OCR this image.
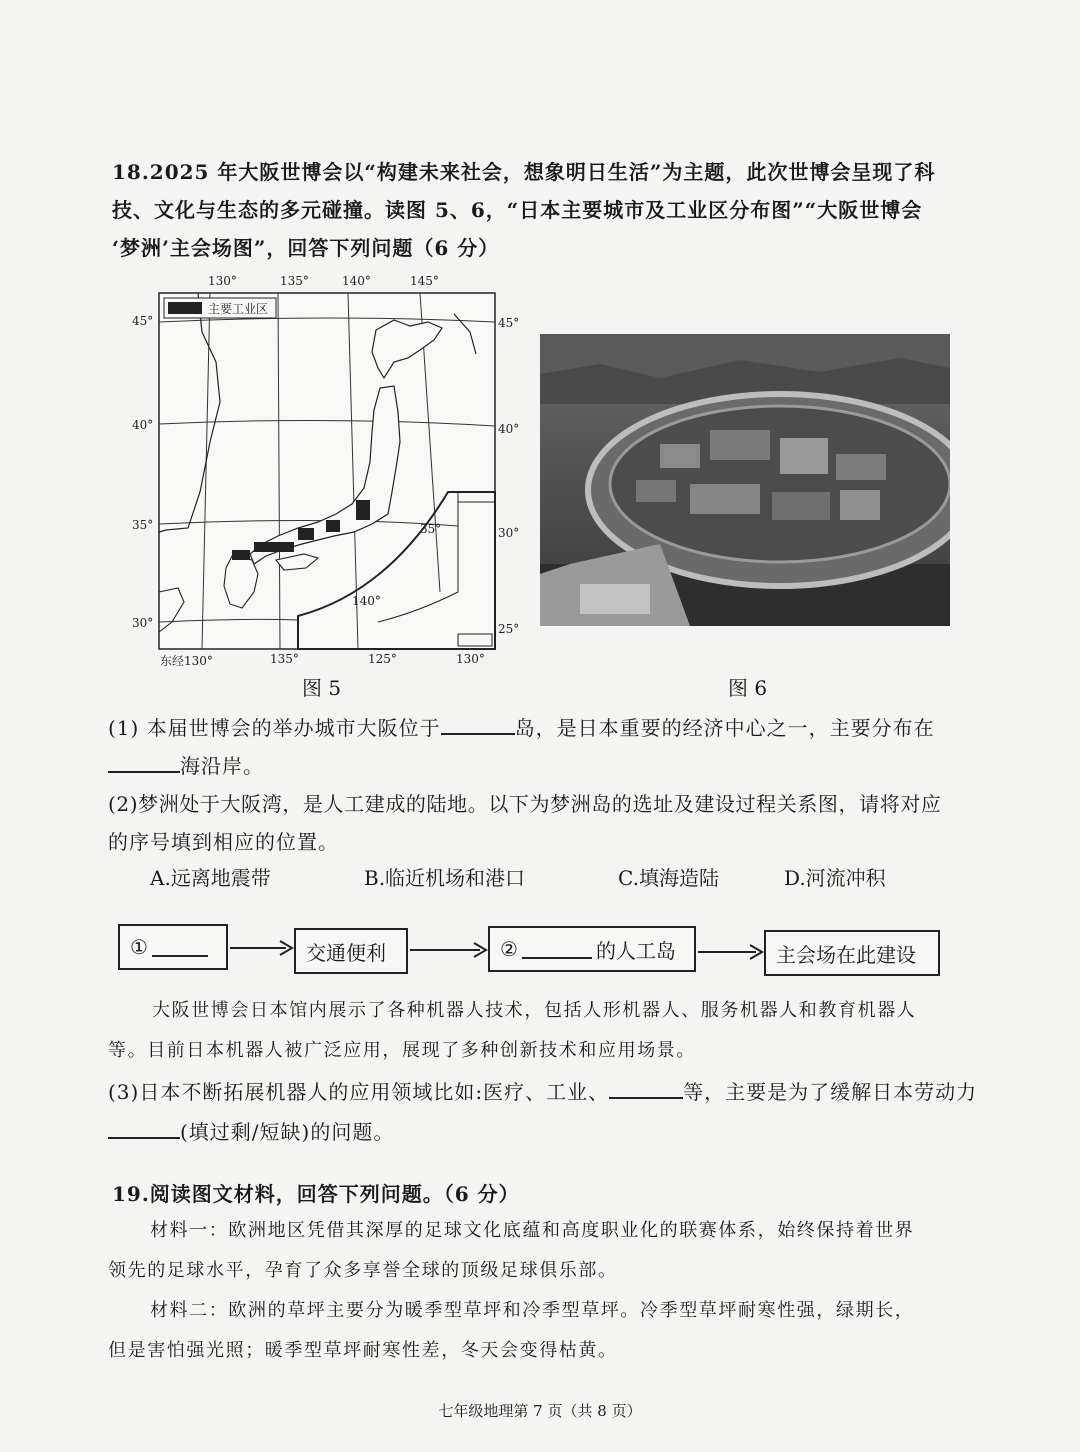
18.2025 年大阪世博会以“构建未来社会，想象明日生活”为主题，此次世博会呈现了科
技、文化与生态的多元碰撞。读图 5、6，“日本主要城市及工业区分布图”“大阪世博会
‘梦洲’主会场图”，回答下列问题（6 分）
130°	135°	140°	145°
45°
40°
35°
30°
45°
40°
30°
25°
东经130°	135°	125°	130°
主要工业区
35°
140°
图 5	图 6
(1) 本届世博会的举办城市大阪位于	岛，是日本重要的经济中心之一，主要分布在
海沿岸。
(2)梦洲处于大阪湾，是人工建成的陆地。以下为梦洲岛的选址及建设过程关系图，请将对应
的序号填到相应的位置。
A.远离地震带	B.临近机场和港口	C.填海造陆	D.河流冲积
①	交通便利	②	的人工岛	主会场在此建设
大阪世博会日本馆内展示了各种机器人技术，包括人形机器人、服务机器人和教育机器人
等。目前日本机器人被广泛应用，展现了多种创新技术和应用场景。
(3)日本不断拓展机器人的应用领域比如:医疗、工业、	等，主要是为了缓解日本劳动力
(填过剩/短缺)的问题。
19.阅读图文材料，回答下列问题。（6 分）
材料一：欧洲地区凭借其深厚的足球文化底蕴和高度职业化的联赛体系，始终保持着世界
领先的足球水平，孕育了众多享誉全球的顶级足球俱乐部。
材料二：欧洲的草坪主要分为暖季型草坪和冷季型草坪。冷季型草坪耐寒性强，绿期长，
但是害怕强光照；暖季型草坪耐寒性差，冬天会变得枯黄。
七年级地理第 7 页（共 8 页）
